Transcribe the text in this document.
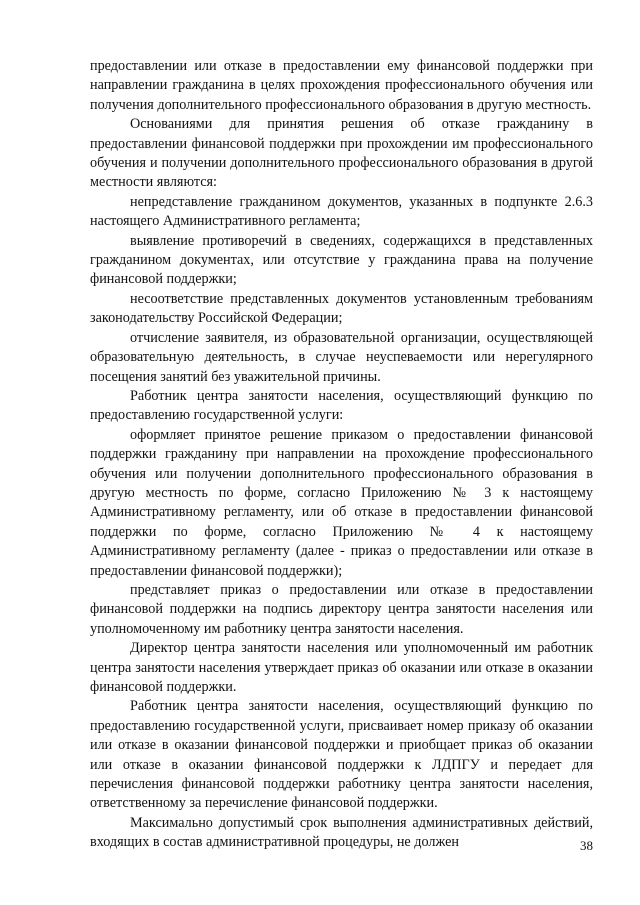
предоставлении или отказе в предоставлении ему финансовой поддержки при направлении гражданина в целях прохождения профессионального обучения или получения дополнительного профессионального образования в другую местность.

Основаниями для принятия решения об отказе гражданину в предоставлении финансовой поддержки при прохождении им профессионального обучения и получении дополнительного профессионального образования в другой местности являются:

непредставление гражданином документов, указанных в подпункте 2.6.3 настоящего Административного регламента;

выявление противоречий в сведениях, содержащихся в представленных гражданином документах, или отсутствие у гражданина права на получение финансовой поддержки;

несоответствие представленных документов установленным требованиям законодательству Российской Федерации;

отчисление заявителя, из образовательной организации, осуществляющей образовательную деятельность, в случае неуспеваемости или нерегулярного посещения занятий без уважительной причины.

Работник центра занятости населения, осуществляющий функцию по предоставлению государственной услуги:

оформляет принятое решение приказом о предоставлении финансовой поддержки гражданину при направлении на прохождение профессионального обучения или получении дополнительного профессионального образования в другую местность по форме, согласно Приложению № 3 к настоящему Административному регламенту, или об отказе в предоставлении финансовой поддержки по форме, согласно Приложению № 4 к настоящему Административному регламенту (далее - приказ о предоставлении или отказе в предоставлении финансовой поддержки);

представляет приказ о предоставлении или отказе в предоставлении финансовой поддержки на подпись директору центра занятости населения или уполномоченному им работнику центра занятости населения.

Директор центра занятости населения или уполномоченный им работник центра занятости населения утверждает приказ об оказании или отказе в оказании финансовой поддержки.

Работник центра занятости населения, осуществляющий функцию по предоставлению государственной услуги, присваивает номер приказу об оказании или отказе в оказании финансовой поддержки и приобщает приказ об оказании или отказе в оказании финансовой поддержки к ЛДПГУ и передает для перечисления финансовой поддержки работнику центра занятости населения, ответственному за перечисление финансовой поддержки.

Максимально допустимый срок выполнения административных действий, входящих в состав административной процедуры, не должен	38
